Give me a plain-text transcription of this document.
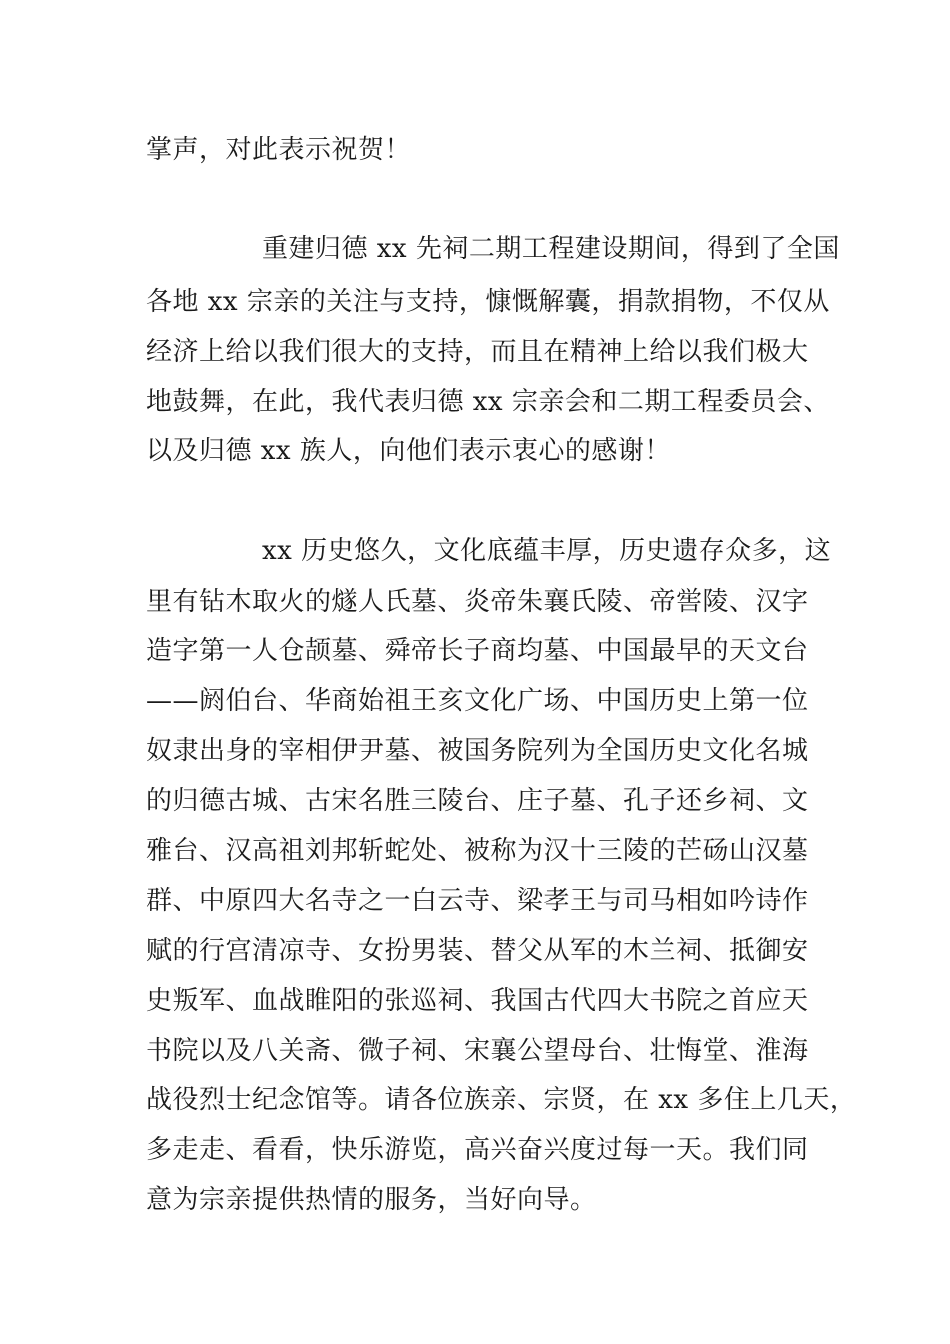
掌声，对此表示祝贺！
重建归德 xx 先祠二期工程建设期间，得到了全国
各地 xx 宗亲的关注与支持，慷慨解囊，捐款捐物，不仅从
经济上给以我们很大的支持，而且在精神上给以我们极大
地鼓舞，在此，我代表归德 xx 宗亲会和二期工程委员会、
以及归德 xx 族人，向他们表示衷心的感谢！
xx 历史悠久，文化底蕴丰厚，历史遗存众多，这
里有钻木取火的燧人氏墓、炎帝朱襄氏陵、帝喾陵、汉字
造字第一人仓颉墓、舜帝长子商均墓、中国最早的天文台
——阏伯台、华商始祖王亥文化广场、中国历史上第一位
奴隶出身的宰相伊尹墓、被国务院列为全国历史文化名城
的归德古城、古宋名胜三陵台、庄子墓、孔子还乡祠、文
雅台、汉高祖刘邦斩蛇处、被称为汉十三陵的芒砀山汉墓
群、中原四大名寺之一白云寺、梁孝王与司马相如吟诗作
赋的行宫清凉寺、女扮男装、替父从军的木兰祠、抵御安
史叛军、血战睢阳的张巡祠、我国古代四大书院之首应天
书院以及八关斋、微子祠、宋襄公望母台、壮悔堂、淮海
战役烈士纪念馆等。请各位族亲、宗贤，在 xx 多住上几天，
多走走、看看，快乐游览，高兴奋兴度过每一天。我们同
意为宗亲提供热情的服务，当好向导。
